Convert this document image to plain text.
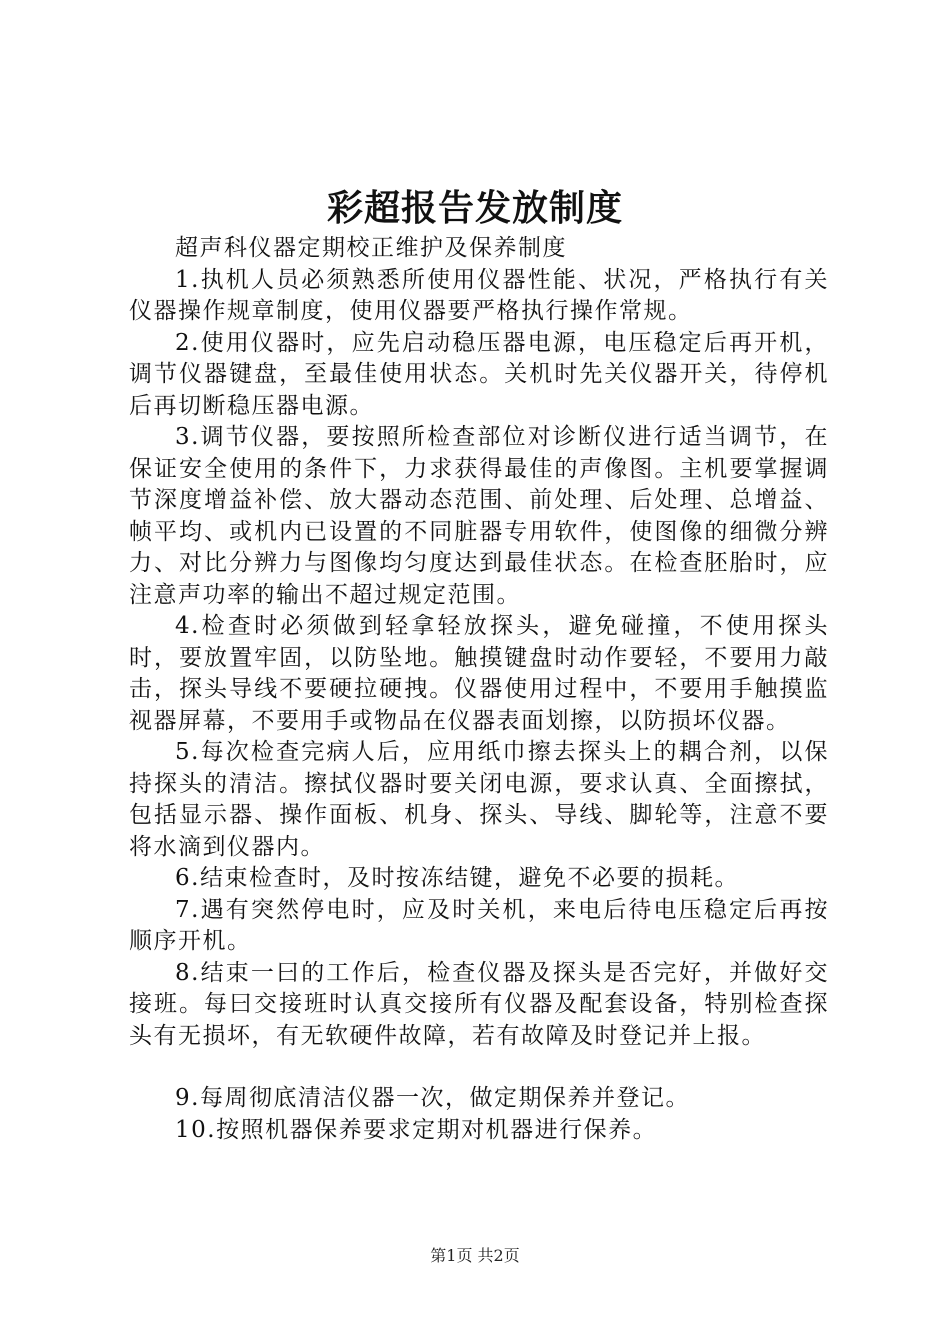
彩超报告发放制度

超声科仪器定期校正维护及保养制度

1.执机人员必须熟悉所使用仪器性能、状况，严格执行有关仪器操作规章制度，使用仪器要严格执行操作常规。

2.使用仪器时，应先启动稳压器电源，电压稳定后再开机，调节仪器键盘，至最佳使用状态。关机时先关仪器开关，待停机后再切断稳压器电源。

3.调节仪器，要按照所检查部位对诊断仪进行适当调节，在保证安全使用的条件下，力求获得最佳的声像图。主机要掌握调节深度增益补偿、放大器动态范围、前处理、后处理、总增益、帧平均、或机内已设置的不同脏器专用软件，使图像的细微分辨力、对比分辨力与图像均匀度达到最佳状态。在检查胚胎时，应注意声功率的输出不超过规定范围。

4.检查时必须做到轻拿轻放探头，避免碰撞，不使用探头时，要放置牢固，以防坠地。触摸键盘时动作要轻，不要用力敲击，探头导线不要硬拉硬拽。仪器使用过程中，不要用手触摸监视器屏幕，不要用手或物品在仪器表面划擦，以防损坏仪器。

5.每次检查完病人后，应用纸巾擦去探头上的耦合剂，以保持探头的清洁。擦拭仪器时要关闭电源，要求认真、全面擦拭，包括显示器、操作面板、机身、探头、导线、脚轮等，注意不要将水滴到仪器内。

6.结束检查时，及时按冻结键，避免不必要的损耗。

7.遇有突然停电时，应及时关机，来电后待电压稳定后再按顺序开机。

8.结束一曰的工作后，检查仪器及探头是否完好，并做好交接班。每曰交接班时认真交接所有仪器及配套设备，特别检查探头有无损坏，有无软硬件故障，若有故障及时登记并上报。

9.每周彻底清洁仪器一次，做定期保养并登记。

10.按照机器保养要求定期对机器进行保养。

第1页 共2页
